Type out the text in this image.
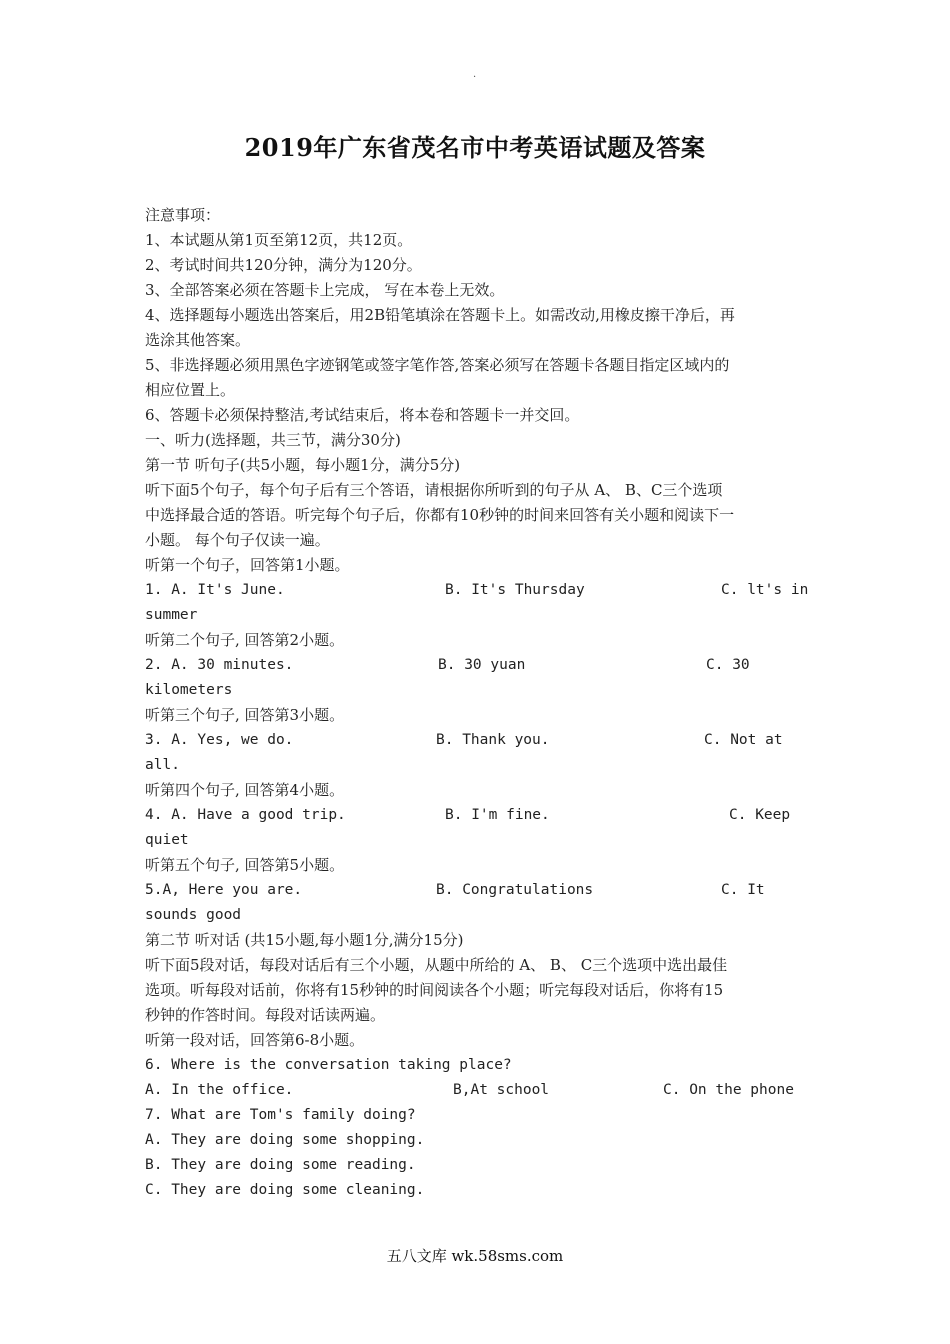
·
2019年广东省茂名市中考英语试题及答案
注意事项：
1、本试题从第1页至第12页，共12页。
2、考试时间共120分钟，满分为120分。
3、全部答案必须在答题卡上完成， 写在本卷上无效。
4、选择题每小题选出答案后，用2B铅笔填涂在答题卡上。如需改动,用橡皮擦干净后，再
选涂其他答案。
5、非选择题必须用黑色字迹钢笔或签字笔作答,答案必须写在答题卡各题目指定区域内的
相应位置上。
6、答题卡必须保持整洁,考试结束后，将本卷和答题卡一并交回。
一、听力(选择题，共三节，满分30分)
第一节 听句子(共5小题，每小题1分，满分5分)
听下面5个句子，每个句子后有三个答语，请根据你所听到的句子从 A、 B、C三个选项
中选择最合适的答语。听完每个句子后，你都有10秒钟的时间来回答有关小题和阅读下一
小题。 每个句子仅读一遍。
听第一个句子，回答第1小题。
1. A. It's June.	B. It's Thursday	C. lt's in
summer
听第二个句子, 回答第2小题。
2. A. 30 minutes.	B. 30 yuan	C. 30
kilometers
听第三个句子, 回答第3小题。
3. A. Yes, we do.	B. Thank you.	C. Not at
all.
听第四个句子, 回答第4小题。
4. A. Have a good trip.	B. I'm fine.	C. Keep
quiet
听第五个句子, 回答第5小题。
5.A, Here you are.	B. Congratulations	C. It
sounds good
第二节 听对话 (共15小题,每小题1分,满分15分)
听下面5段对话，每段对话后有三个小题，从题中所给的 A、 B、 C三个选项中选出最佳
选项。听每段对话前，你将有15秒钟的时间阅读各个小题；听完每段对话后，你将有15
秒钟的作答时间。每段对话读两遍。
听第一段对话，回答第6-8小题。
6. Where is the conversation taking place?
A. In the office.	B,At school	C. On the phone
7. What are Tom's family doing?
A. They are doing some shopping.
B. They are doing some reading.
C. They are doing some cleaning.
五八文库 wk.58sms.com
